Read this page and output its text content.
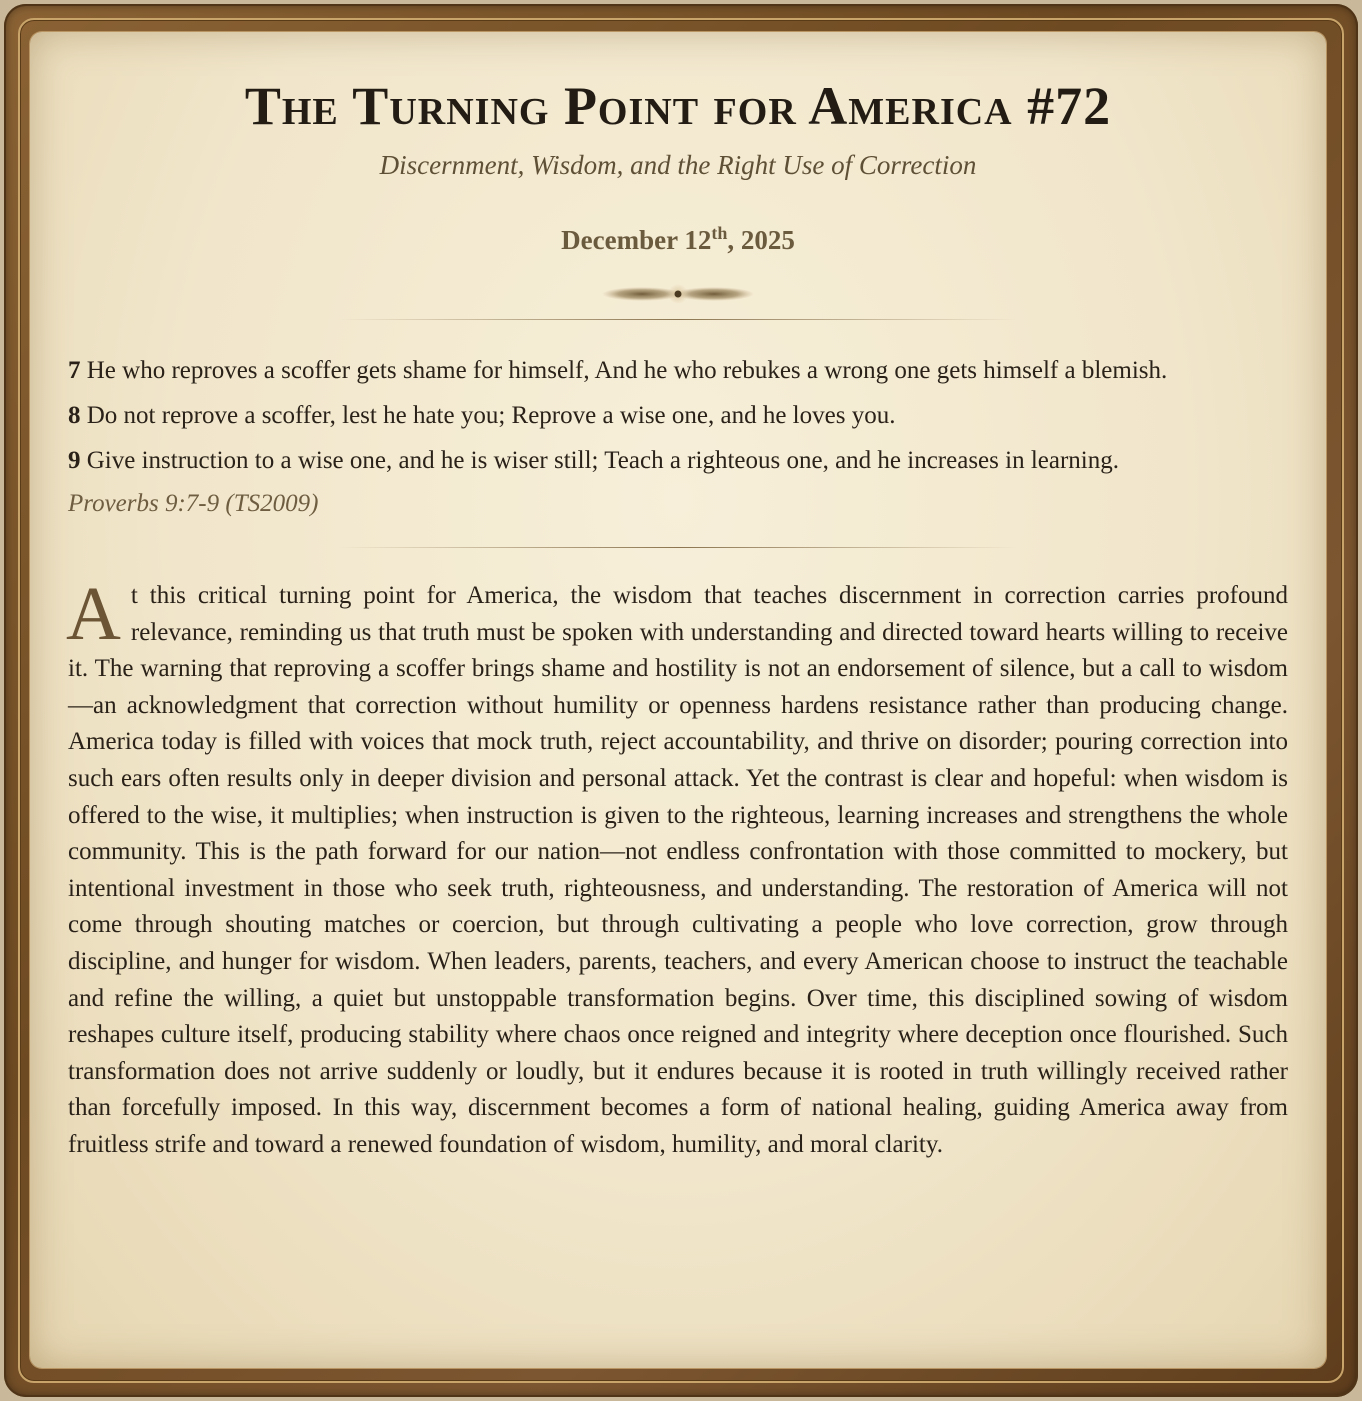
The Turning Point for America #72
Discernment, Wisdom, and the Right Use of Correction
December 12th, 2025

7 He who reproves a scoffer gets shame for himself, And he who rebukes a wrong one gets himself a blemish.

8 Do not reprove a scoffer, lest he hate you; Reprove a wise one, and he loves you.

9 Give instruction to a wise one, and he is wiser still; Teach a righteous one, and he increases in learning.

Proverbs 9:7-9 (TS2009)
At this critical turning point for America, the wisdom that teaches discernment in correction carries profound relevance, reminding us that truth must be spoken with understanding and directed toward hearts willing to receive it. The warning that reproving a scoffer brings shame and hostility is not an endorsement of silence, but a call to wisdom—an acknowledgment that correction without humility or openness hardens resistance rather than producing change. America today is filled with voices that mock truth, reject accountability, and thrive on disorder; pouring correction into such ears often results only in deeper division and personal attack. Yet the contrast is clear and hopeful: when wisdom is offered to the wise, it multiplies; when instruction is given to the righteous, learning increases and strengthens the whole community. This is the path forward for our nation—not endless confrontation with those committed to mockery, but intentional investment in those who seek truth, righteousness, and understanding. The restoration of America will not come through shouting matches or coercion, but through cultivating a people who love correction, grow through discipline, and hunger for wisdom. When leaders, parents, teachers, and every American choose to instruct the teachable and refine the willing, a quiet but unstoppable transformation begins. Over time, this disciplined sowing of wisdom reshapes culture itself, producing stability where chaos once reigned and integrity where deception once flourished. Such transformation does not arrive suddenly or loudly, but it endures because it is rooted in truth willingly received rather than forcefully imposed. In this way, discernment becomes a form of national healing, guiding America away from fruitless strife and toward a renewed foundation of wisdom, humility, and moral clarity.
